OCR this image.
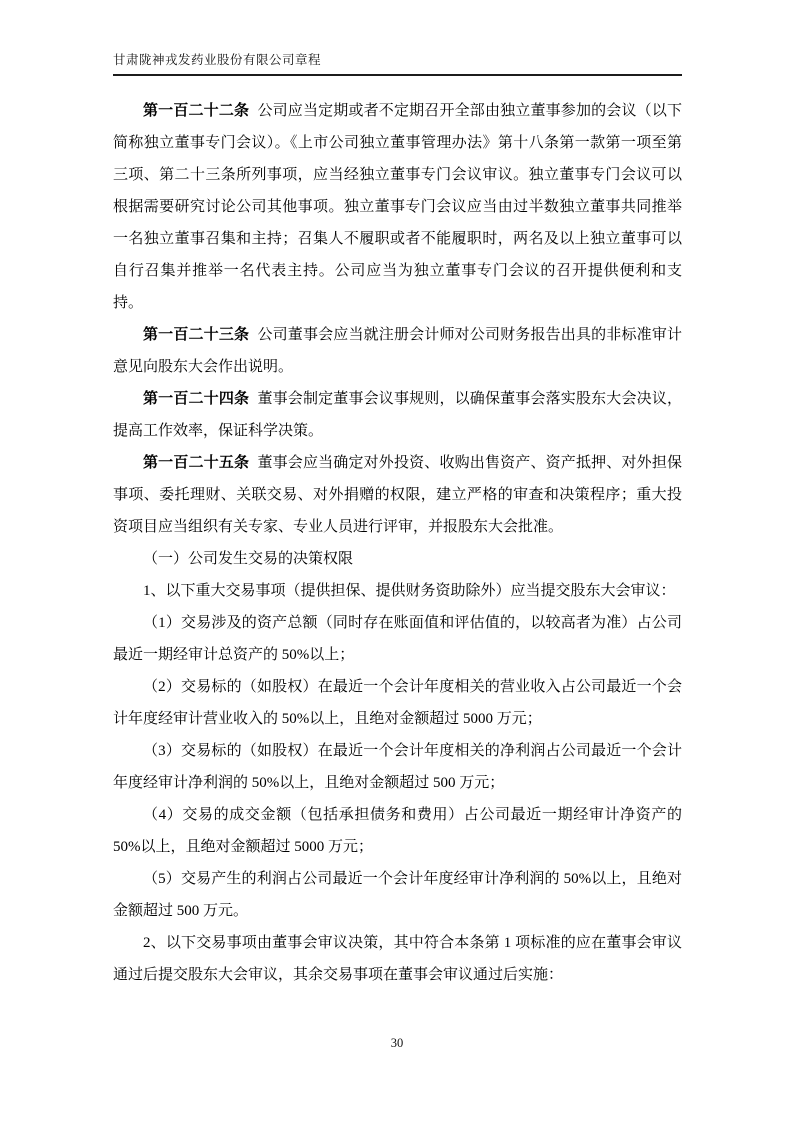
甘肃陇神戎发药业股份有限公司章程

第一百二十二条 公司应当定期或者不定期召开全部由独立董事参加的会议（以下简称独立董事专门会议）。《上市公司独立董事管理办法》第十八条第一款第一项至第三项、第二十三条所列事项，应当经独立董事专门会议审议。独立董事专门会议可以根据需要研究讨论公司其他事项。独立董事专门会议应当由过半数独立董事共同推举一名独立董事召集和主持；召集人不履职或者不能履职时，两名及以上独立董事可以自行召集并推举一名代表主持。公司应当为独立董事专门会议的召开提供便利和支持。

第一百二十三条 公司董事会应当就注册会计师对公司财务报告出具的非标准审计意见向股东大会作出说明。

第一百二十四条 董事会制定董事会议事规则，以确保董事会落实股东大会决议，提高工作效率，保证科学决策。

第一百二十五条 董事会应当确定对外投资、收购出售资产、资产抵押、对外担保事项、委托理财、关联交易、对外捐赠的权限，建立严格的审查和决策程序；重大投资项目应当组织有关专家、专业人员进行评审，并报股东大会批准。

（一）公司发生交易的决策权限

1、以下重大交易事项（提供担保、提供财务资助除外）应当提交股东大会审议：

（1）交易涉及的资产总额（同时存在账面值和评估值的，以较高者为准）占公司最近一期经审计总资产的 50%以上；

（2）交易标的（如股权）在最近一个会计年度相关的营业收入占公司最近一个会计年度经审计营业收入的 50%以上，且绝对金额超过 5000 万元；

（3）交易标的（如股权）在最近一个会计年度相关的净利润占公司最近一个会计年度经审计净利润的 50%以上，且绝对金额超过 500 万元；

（4）交易的成交金额（包括承担债务和费用）占公司最近一期经审计净资产的 50%以上，且绝对金额超过 5000 万元；

（5）交易产生的利润占公司最近一个会计年度经审计净利润的 50%以上，且绝对金额超过 500 万元。

2、以下交易事项由董事会审议决策，其中符合本条第 1 项标准的应在董事会审议通过后提交股东大会审议，其余交易事项在董事会审议通过后实施：

30
